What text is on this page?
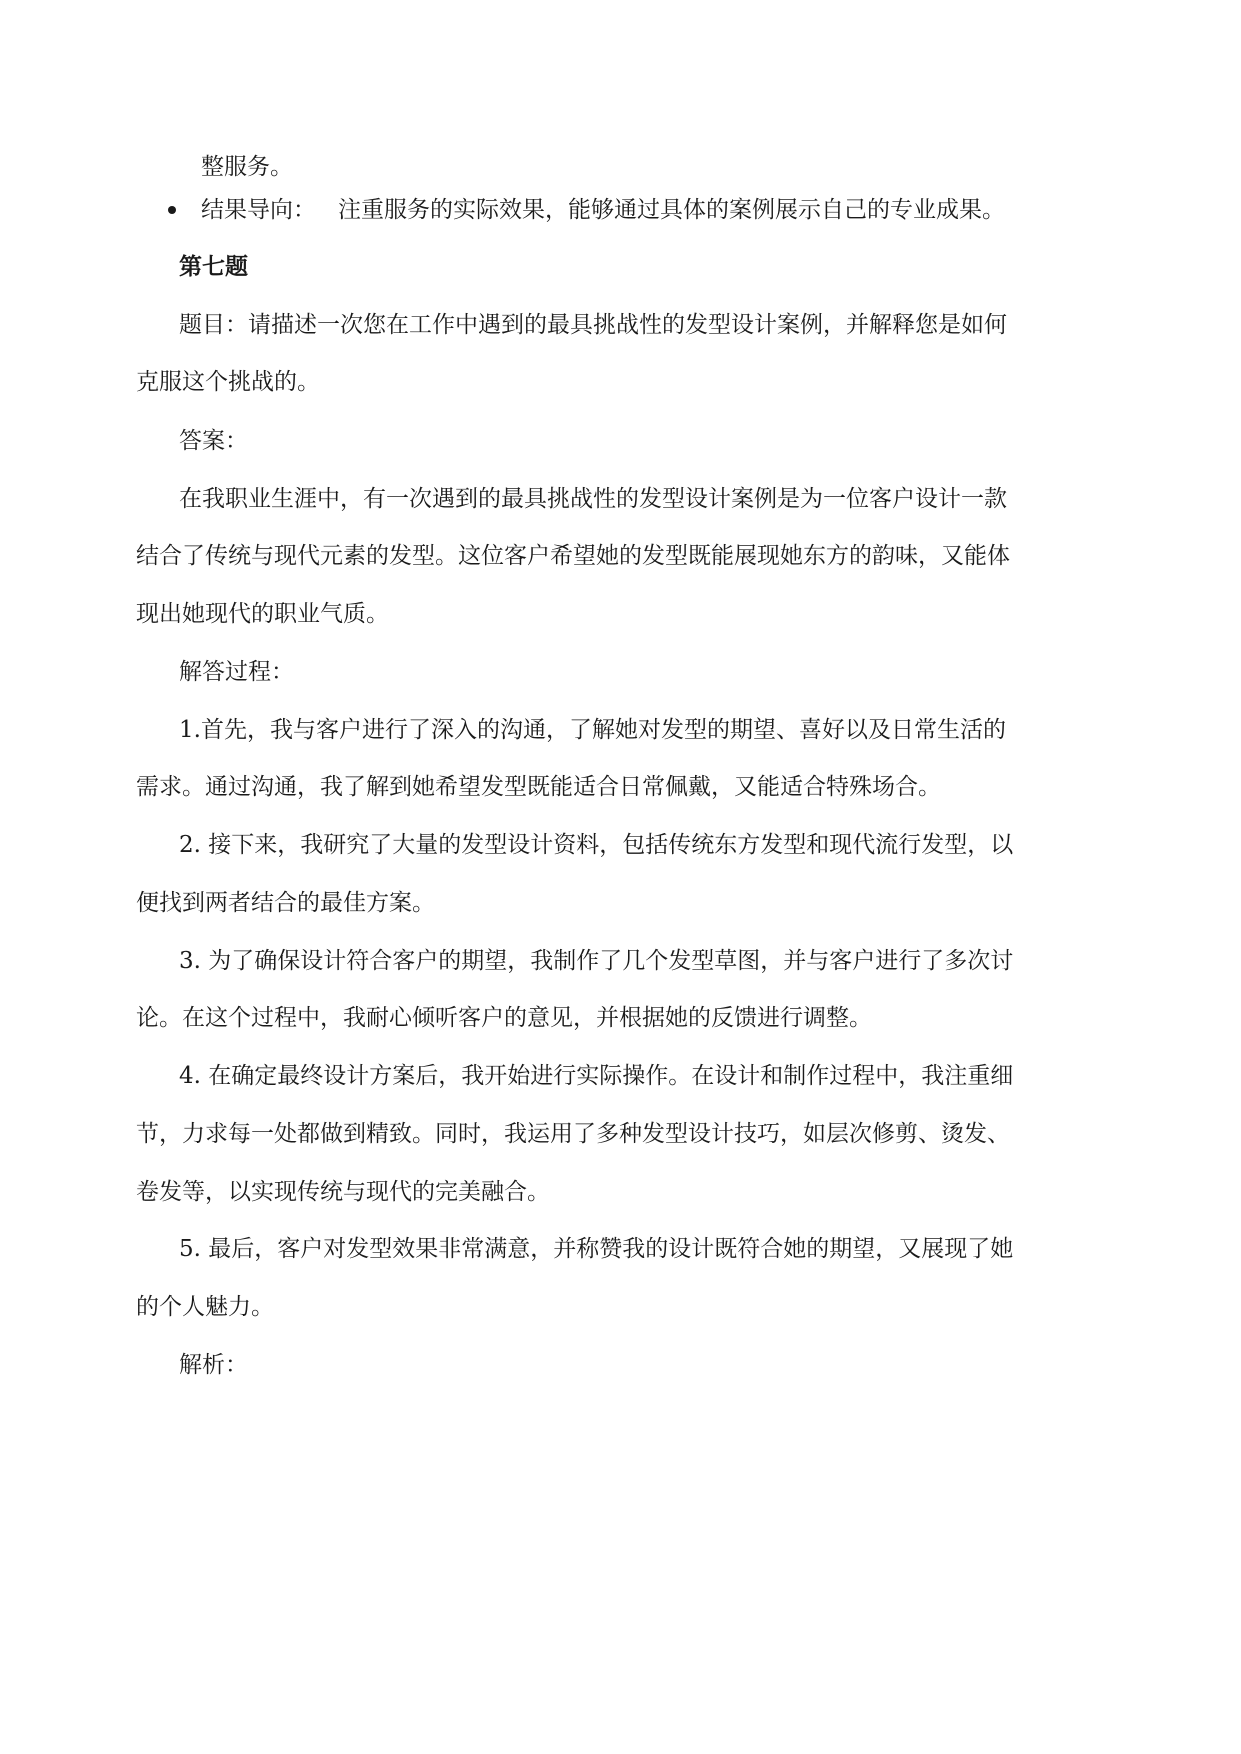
整服务。
结果导向： 注重服务的实际效果，能够通过具体的案例展示自己的专业成果。
第七题
题目：请描述一次您在工作中遇到的最具挑战性的发型设计案例，并解释您是如何
克服这个挑战的。
答案：
在我职业生涯中，有一次遇到的最具挑战性的发型设计案例是为一位客户设计一款
结合了传统与现代元素的发型。这位客户希望她的发型既能展现她东方的韵味，又能体
现出她现代的职业气质。
解答过程：
1.首先，我与客户进行了深入的沟通，了解她对发型的期望、喜好以及日常生活的
需求。通过沟通，我了解到她希望发型既能适合日常佩戴，又能适合特殊场合。
2. 接下来，我研究了大量的发型设计资料，包括传统东方发型和现代流行发型，以
便找到两者结合的最佳方案。
3. 为了确保设计符合客户的期望，我制作了几个发型草图，并与客户进行了多次讨
论。在这个过程中，我耐心倾听客户的意见，并根据她的反馈进行调整。
4. 在确定最终设计方案后，我开始进行实际操作。在设计和制作过程中，我注重细
节，力求每一处都做到精致。同时，我运用了多种发型设计技巧，如层次修剪、烫发、
卷发等，以实现传统与现代的完美融合。
5. 最后，客户对发型效果非常满意，并称赞我的设计既符合她的期望，又展现了她
的个人魅力。
解析：
